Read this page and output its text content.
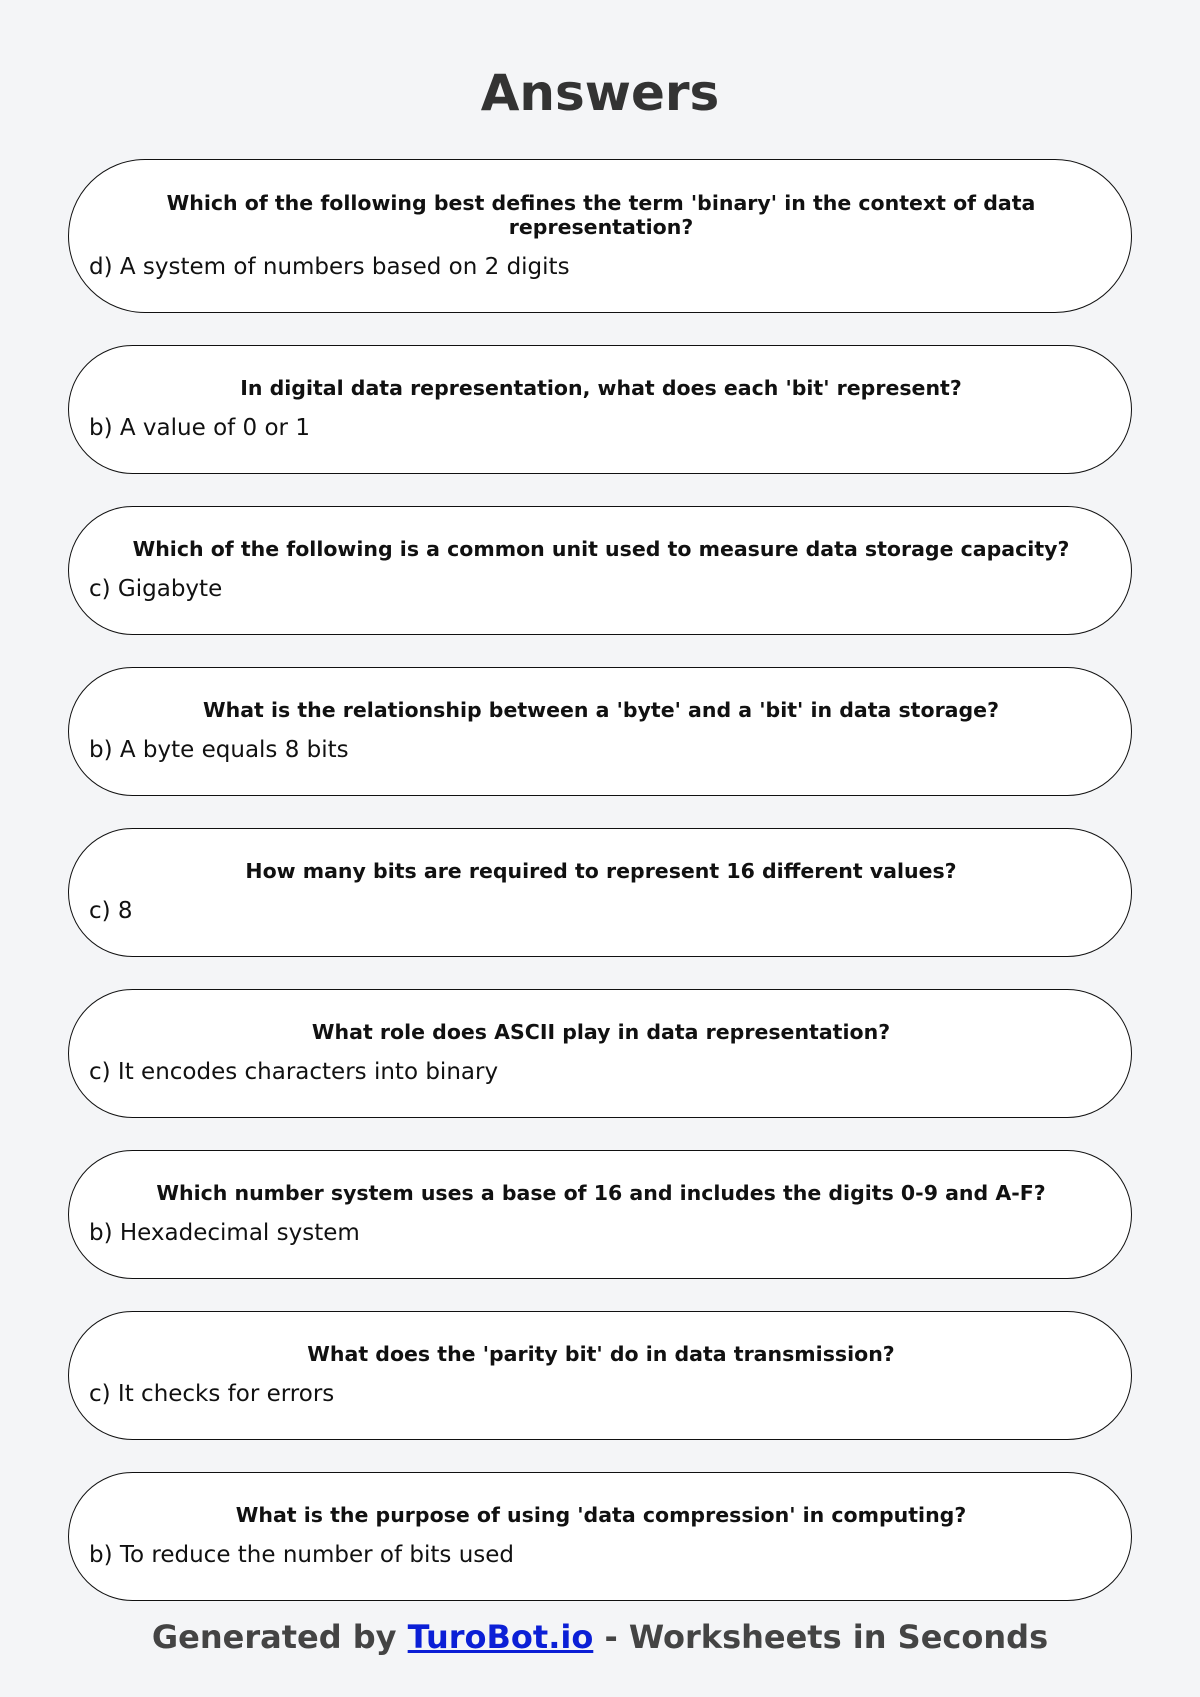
Answers
Which of the following best defines the term 'binary' in the context of data representation?
d) A system of numbers based on 2 digits
In digital data representation, what does each 'bit' represent?
b) A value of 0 or 1
Which of the following is a common unit used to measure data storage capacity?
c) Gigabyte
What is the relationship between a 'byte' and a 'bit' in data storage?
b) A byte equals 8 bits
How many bits are required to represent 16 different values?
c) 8
What role does ASCII play in data representation?
c) It encodes characters into binary
Which number system uses a base of 16 and includes the digits 0-9 and A-F?
b) Hexadecimal system
What does the 'parity bit' do in data transmission?
c) It checks for errors
What is the purpose of using 'data compression' in computing?
b) To reduce the number of bits used
Generated by TuroBot.io - Worksheets in Seconds
